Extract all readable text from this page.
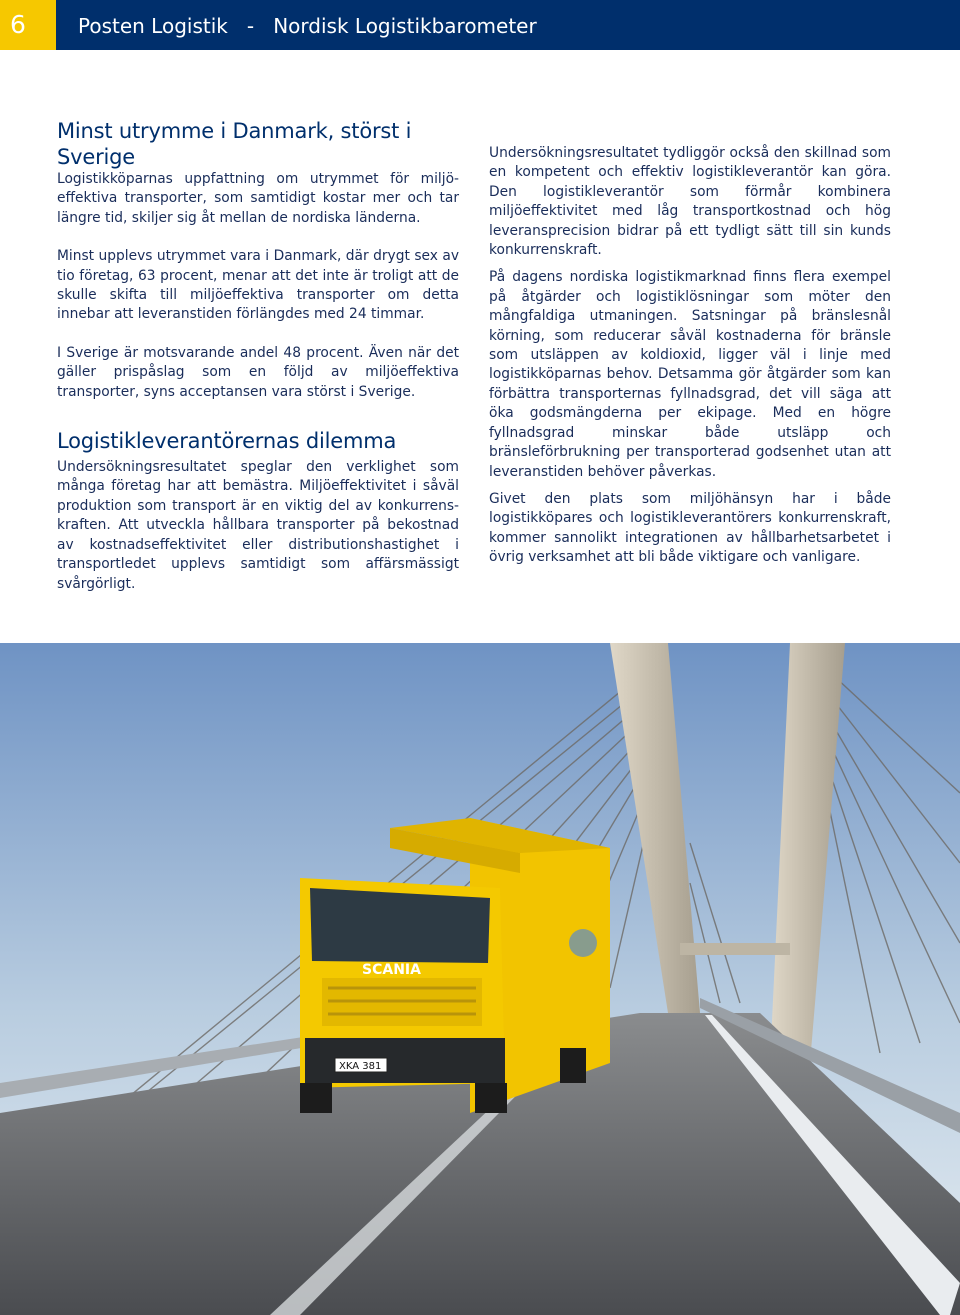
6	Posten Logistik   -   Nordisk Logistikbarometer
Minst utrymme i Danmark, störst i Sverige

Logistikköparnas uppfattning om utrymmet för miljöeffektiva transporter, som samtidigt kostar mer och tar längre tid, skiljer sig åt mellan de nordiska länderna.

Minst upplevs utrymmet vara i Danmark, där drygt sex av tio företag, 63 procent, menar att det inte är troligt att de skulle skifta till miljöeffektiva transporter om detta innebar att leveranstiden förlängdes med 24 timmar.

I Sverige är motsvarande andel 48 procent. Även när det gäller prispåslag som en följd av miljöeffektiva transporter, syns acceptansen vara störst i Sverige.

Logistikleverantörernas dilemma

Undersökningsresultatet speglar den verklighet som många företag har att bemästra. Miljöeffektivitet i såväl produktion som transport är en viktig del av konkurrenskraften. Att utveckla hållbara transporter på bekostnad av kostnadseffektivitet eller distributionshastighet i transportledet upplevs samtidigt som affärsmässigt svårgörligt.

Undersökningsresultatet tydliggör också den skillnad som en kompetent och effektiv logistikleverantör kan göra. Den logistikleverantör som förmår kombinera miljöeffektivitet med låg transportkostnad och hög leveransprecision bidrar på ett tydligt sätt till sin kunds konkurrenskraft.

På dagens nordiska logistikmarknad finns flera exempel på åtgärder och logistiklösningar som möter den mångfaldiga utmaningen. Satsningar på bränslesnål körning, som reducerar såväl kostnaderna för bränsle som utsläppen av koldioxid, ligger väl i linje med logistikköparnas behov. Detsamma gör åtgärder som kan förbättra transporternas fyllnadsgrad, det vill säga att öka godsmängderna per ekipage. Med en högre fyllnadsgrad minskar både utsläpp och bränsleförbrukning per transporterad godsenhet utan att leveranstiden behöver påverkas.

Givet den plats som miljöhänsyn har i både logistikköpares och logistikleverantörers konkurrenskraft, kommer sannolikt integrationen av hållbarhetsarbetet i övrig verksamhet att bli både viktigare och vanligare.

SCANIA
XKA 381
